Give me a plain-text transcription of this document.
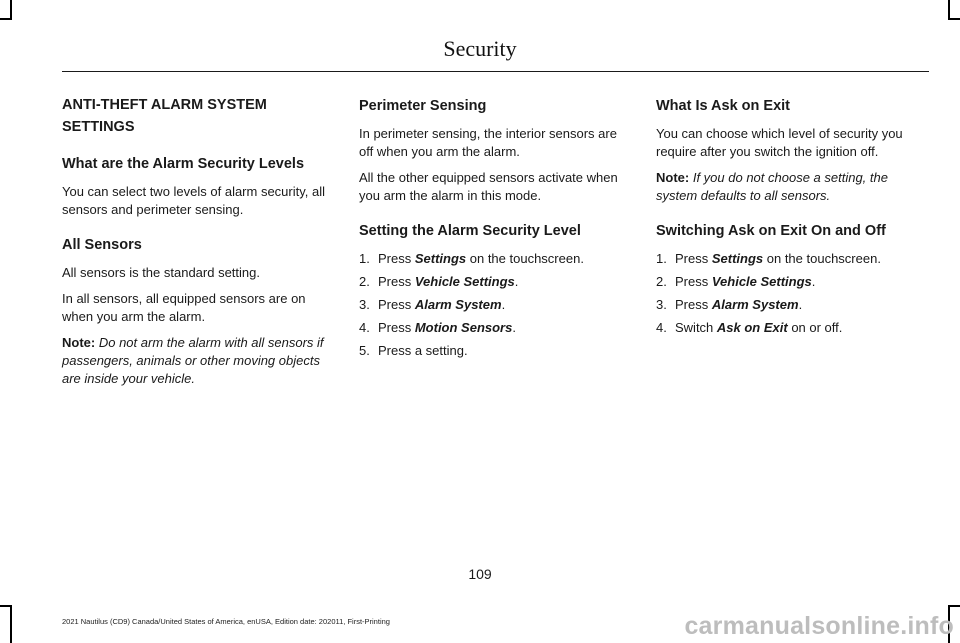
Security
ANTI-THEFT ALARM SYSTEM SETTINGS
What are the Alarm Security Levels
You can select two levels of alarm security, all sensors and perimeter sensing.
All Sensors
All sensors is the standard setting.
In all sensors, all equipped sensors are on when you arm the alarm.
Note: Do not arm the alarm with all sensors if passengers, animals or other moving objects are inside your vehicle.
Perimeter Sensing
In perimeter sensing, the interior sensors are off when you arm the alarm.
All the other equipped sensors activate when you arm the alarm in this mode.
Setting the Alarm Security Level
1. Press Settings on the touchscreen.
2. Press Vehicle Settings.
3. Press Alarm System.
4. Press Motion Sensors.
5. Press a setting.
What Is Ask on Exit
You can choose which level of security you require after you switch the ignition off.
Note: If you do not choose a setting, the system defaults to all sensors.
Switching Ask on Exit On and Off
1. Press Settings on the touchscreen.
2. Press Vehicle Settings.
3. Press Alarm System.
4. Switch Ask on Exit on or off.
109
2021 Nautilus (CD9) Canada/United States of America, enUSA, Edition date: 202011, First-Printing	carmanualsonline.info
